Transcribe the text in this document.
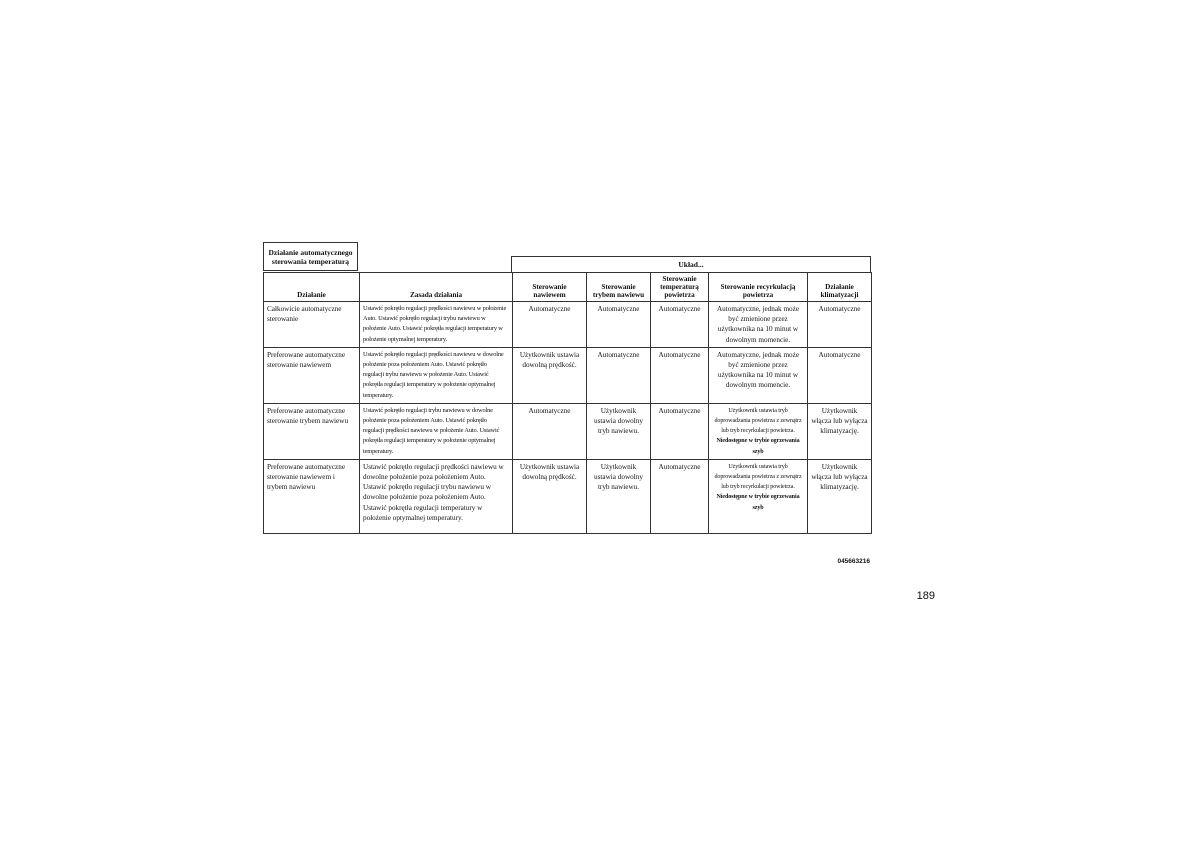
Działanie automatycznego sterowania temperaturą	Układ...
Działanie	Zasada działania	Sterowanie nawiewem	Sterowanie trybem nawiewu	Sterowanie temperaturą powietrza	Sterowanie recyrkulacją powietrza	Działanie klimatyzacji
Całkowicie automatyczne sterowanie	Ustawić pokrętło regulacji prędkości nawiewu w położenie Auto. Ustawić pokrętło regulacji trybu nawiewu w położenie Auto. Ustawić pokrętła regulacji temperatury w położenie optymalnej temperatury.	Automatyczne	Automatyczne	Automatyczne	Automatyczne, jednak może być zmienione przez użytkownika na 10 minut w dowolnym momencie.	Automatyczne
Preferowane automatyczne sterowanie nawiewem	Ustawić pokrętło regulacji prędkości nawiewu w dowolne położenie poza położeniem Auto. Ustawić pokrętło regulacji trybu nawiewu w położenie Auto. Ustawić pokrętła regulacji temperatury w położenie optymalnej temperatury.	Użytkownik ustawia dowolną prędkość.	Automatyczne	Automatyczne	Automatyczne, jednak może być zmienione przez użytkownika na 10 minut w dowolnym momencie.	Automatyczne
Preferowane automatyczne sterowanie trybem nawiewu	Ustawić pokrętło regulacji trybu nawiewu w dowolne położenie poza położeniem Auto. Ustawić pokrętło regulacji prędkości nawiewu w położenie Auto. Ustawić pokrętła regulacji temperatury w położenie optymalnej temperatury.	Automatyczne	Użytkownik ustawia dowolny tryb nawiewu.	Automatyczne	Użytkownik ustawia tryb doprowadzania powietrza z zewnątrz lub tryb recyrkulacji powietrza. Niedostępne w trybie ogrzewania szyb	Użytkownik włącza lub wyłącza klimatyzację.
Preferowane automatyczne sterowanie nawiewem i trybem nawiewu	Ustawić pokrętło regulacji prędkości nawiewu w dowolne położenie poza położeniem Auto. Ustawić pokrętło regulacji trybu nawiewu w dowolne położenie poza położeniem Auto. Ustawić pokrętła regulacji temperatury w położenie optymalnej temperatury.	Użytkownik ustawia dowolną prędkość.	Użytkownik ustawia dowolny tryb nawiewu.	Automatyczne	Użytkownik ustawia tryb doprowadzania powietrza z zewnątrz lub tryb recyrkulacji powietrza. Niedostępne w trybie ogrzewania szyb	Użytkownik włącza lub wyłącza klimatyzację.
045663216
189
